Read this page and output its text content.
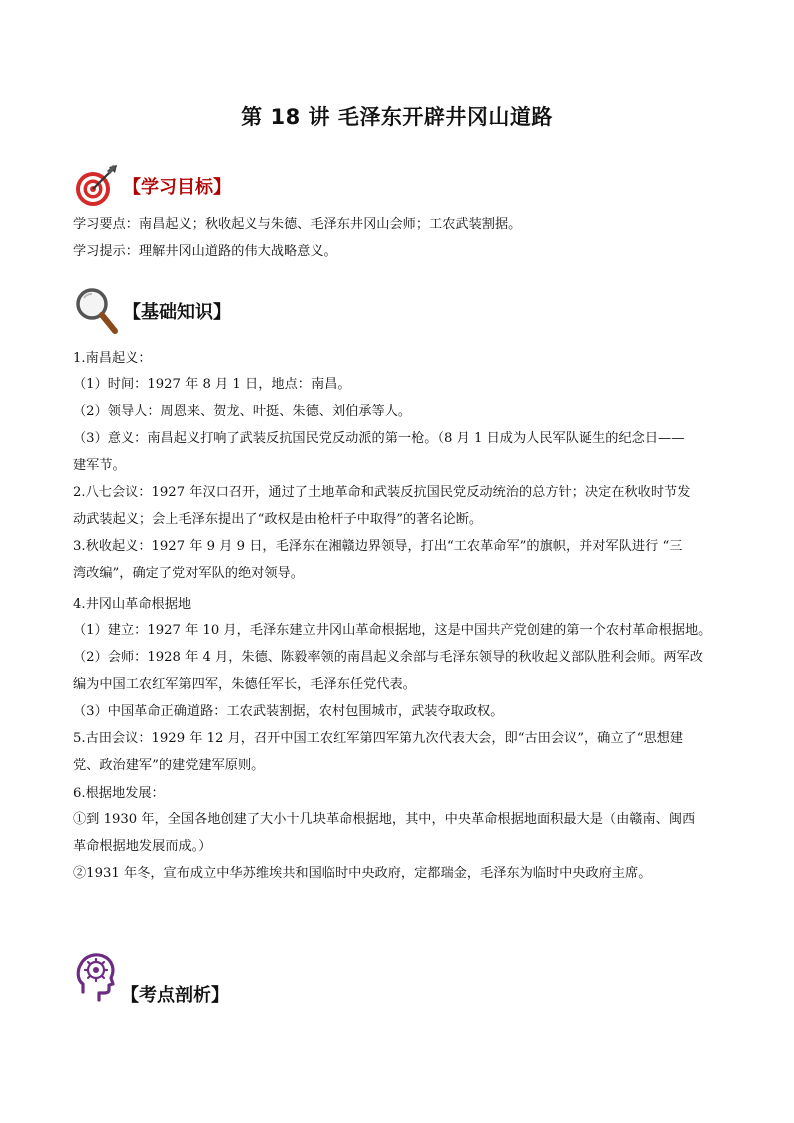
第 18 讲 毛泽东开辟井冈山道路
【学习目标】
学习要点：南昌起义；秋收起义与朱德、毛泽东井冈山会师；工农武装割据。
学习提示：理解井冈山道路的伟大战略意义。
【基础知识】
1.南昌起义：
（1）时间：1927 年 8 月 1 日，地点：南昌。
（2）领导人：周恩来、贺龙、叶挺、朱德、刘伯承等人。
（3）意义：南昌起义打响了武装反抗国民党反动派的第一枪。（8 月 1 日成为人民军队诞生的纪念日——
建军节。
2.八七会议：1927 年汉口召开，通过了土地革命和武装反抗国民党反动统治的总方针；决定在秋收时节发
动武装起义；会上毛泽东提出了“政权是由枪杆子中取得”的著名论断。
3.秋收起义：1927 年 9 月 9 日，毛泽东在湘赣边界领导，打出“工农革命军”的旗帜，并对军队进行 “三
湾改编”，确定了党对军队的绝对领导。
4.井冈山革命根据地
（1）建立：1927 年 10 月，毛泽东建立井冈山革命根据地，这是中国共产党创建的第一个农村革命根据地。
（2）会师：1928 年 4 月，朱德、陈毅率领的南昌起义余部与毛泽东领导的秋收起义部队胜利会师。两军改
编为中国工农红军第四军，朱德任军长，毛泽东任党代表。
（3）中国革命正确道路：工农武装割据，农村包围城市，武装夺取政权。
5.古田会议：1929 年 12 月，召开中国工农红军第四军第九次代表大会，即“古田会议”，确立了“思想建
党、政治建军”的建党建军原则。
6.根据地发展：
①到 1930 年，全国各地创建了大小十几块革命根据地，其中，中央革命根据地面积最大是（由赣南、闽西
革命根据地发展而成。）
②1931 年冬，宣布成立中华苏维埃共和国临时中央政府，定都瑞金，毛泽东为临时中央政府主席。
【考点剖析】
